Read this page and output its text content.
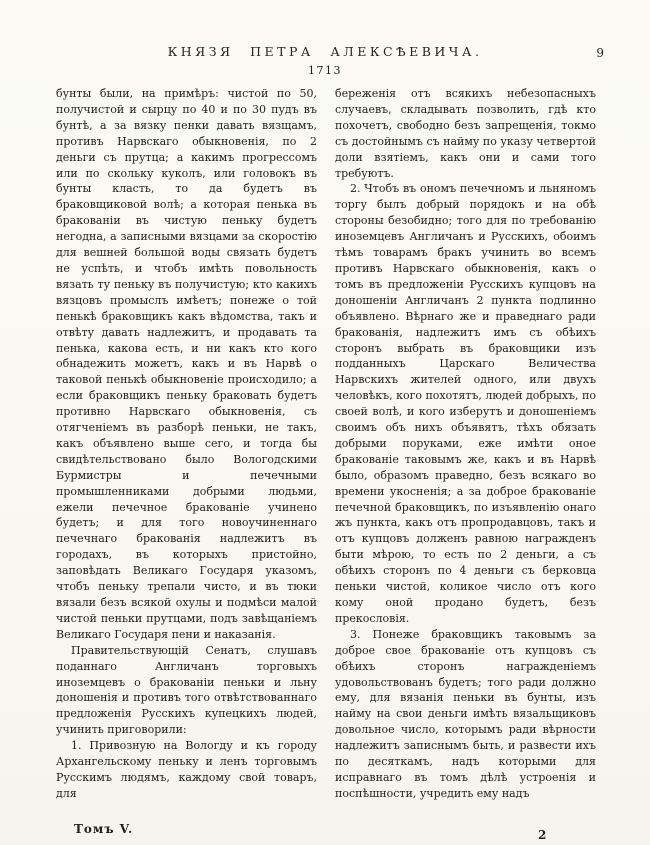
КНЯЗЯ ПЕТРА АЛЕКСѢЕВИЧА.	9
1713

бунты были, на примѣръ: чистой по 50, получистой и сырцу по 40 и по 30 пудъ въ бунтѣ, а за вязку пенки давать вязщамъ, противъ Нарвскаго обыкновенія, по 2 деньги съ прутца; а какимъ прогрессомъ или по скольку куколъ, или головокъ въ бунты класть, то да будетъ въ браковщиковой волѣ; а которая пенька въ бракованіи въ чистую пеньку будетъ негодна, а записными вязцами за скоростію для вешней большой воды связать будетъ не успѣть, и чтобъ имѣть повольность вязать ту пеньку въ получистую; кто какихъ вязцовъ промыслъ имѣетъ; понеже о той пенькѣ браковщикъ какъ вѣдомства, такъ и отвѣту давать надлежитъ, и продавать та пенька, какова есть, и ни какъ кто кого обнадежить можетъ, какъ и въ Нарвѣ о таковой пенькѣ обыкновеніе происходило; а если браковщикъ пеньку браковать будетъ противно Нарвскаго обыкновенія, съ отягченіемъ въ разборѣ пеньки, не такъ, какъ объявлено выше сего, и тогда бы свидѣтельствовано было Вологодскими Бурмистры и печечными промышленниками добрыми людьми, ежели печечное бракованіе учинено будетъ; и для того новоучиненнаго печечнаго бракованія надлежитъ въ городахъ, въ которыхъ пристойно, заповѣдать Великаго Государя указомъ, чтобъ пеньку трепали чисто, и въ тюки вязали безъ всякой охулы и подмѣси малой чистой пеньки прутцами, подъ завѣщаніемъ Великаго Государя пени и наказанія.

Правительствующій Сенатъ, слушавъ поданнаго Англичанъ торговыхъ иноземцевъ о бракованіи пеньки и льну доношенія и противъ того отвѣтствованнаго предложенія Русскихъ купецкихъ людей, учинить приговорили:

1. Привозную на Вологду и къ городу Архангельскому пеньку и ленъ торговымъ Русскимъ людямъ, каждому свой товаръ, для

береженія отъ всякихъ небезопасныхъ случаевъ, складывать позволить, гдѣ кто похочетъ, свободно безъ запрещенія, токмо съ достойнымъ съ найму по указу четвертой доли взятіемъ, какъ они и сами того требуютъ.

2. Чтобъ въ ономъ печечномъ и льняномъ торгу былъ добрый порядокъ и на обѣ стороны безобидно; того для по требованію иноземцевъ Англичанъ и Русскихъ, обоимъ тѣмъ товарамъ бракъ учинить во всемъ противъ Нарвскаго обыкновенія, какъ о томъ въ предложеніи Русскихъ купцовъ на доношеніи Англичанъ 2 пункта подлинно объявлено. Вѣрнаго же и праведнаго ради бракованія, надлежитъ имъ съ обѣихъ сторонъ выбрать въ браковщики изъ подданныхъ Царскаго Величества Нарвскихъ жителей одного, или двухъ человѣкъ, кого похотятъ, людей добрыхъ, по своей волѣ, и кого изберутъ и доношеніемъ своимъ объ нихъ объявятъ, тѣхъ обязать добрыми поруками, еже имѣти оное бракованіе таковымъ же, какъ и въ Нарвѣ было, образомъ праведно, безъ всякаго во времени укосненія; а за доброе бракованіе печечной браковщикъ, по изъявленію онаго жъ пункта, какъ отъ пропродавцовъ, такъ и отъ купцовъ долженъ равною награжденъ быти мѣрою, то есть по 2 деньги, а съ обѣихъ сторонъ по 4 деньги съ берковца пеньки чистой, коликое число отъ кого кому оной продано будетъ, безъ прекословія.

3. Понеже браковщикъ таковымъ за доброе свое бракованіе отъ купцовъ съ обѣихъ сторонъ награжденіемъ удовольствованъ будетъ; того ради должно ему, для вязанія пеньки въ бунты, изъ найму на свои деньги имѣть вязальщиковъ довольное число, которымъ ради вѣрности надлежитъ записнымъ быть, и развести ихъ по десяткамъ, надъ которыми для исправнаго въ томъ дѣлѣ устроенія и поспѣшности, учредить ему надъ

Томъ V.	2
